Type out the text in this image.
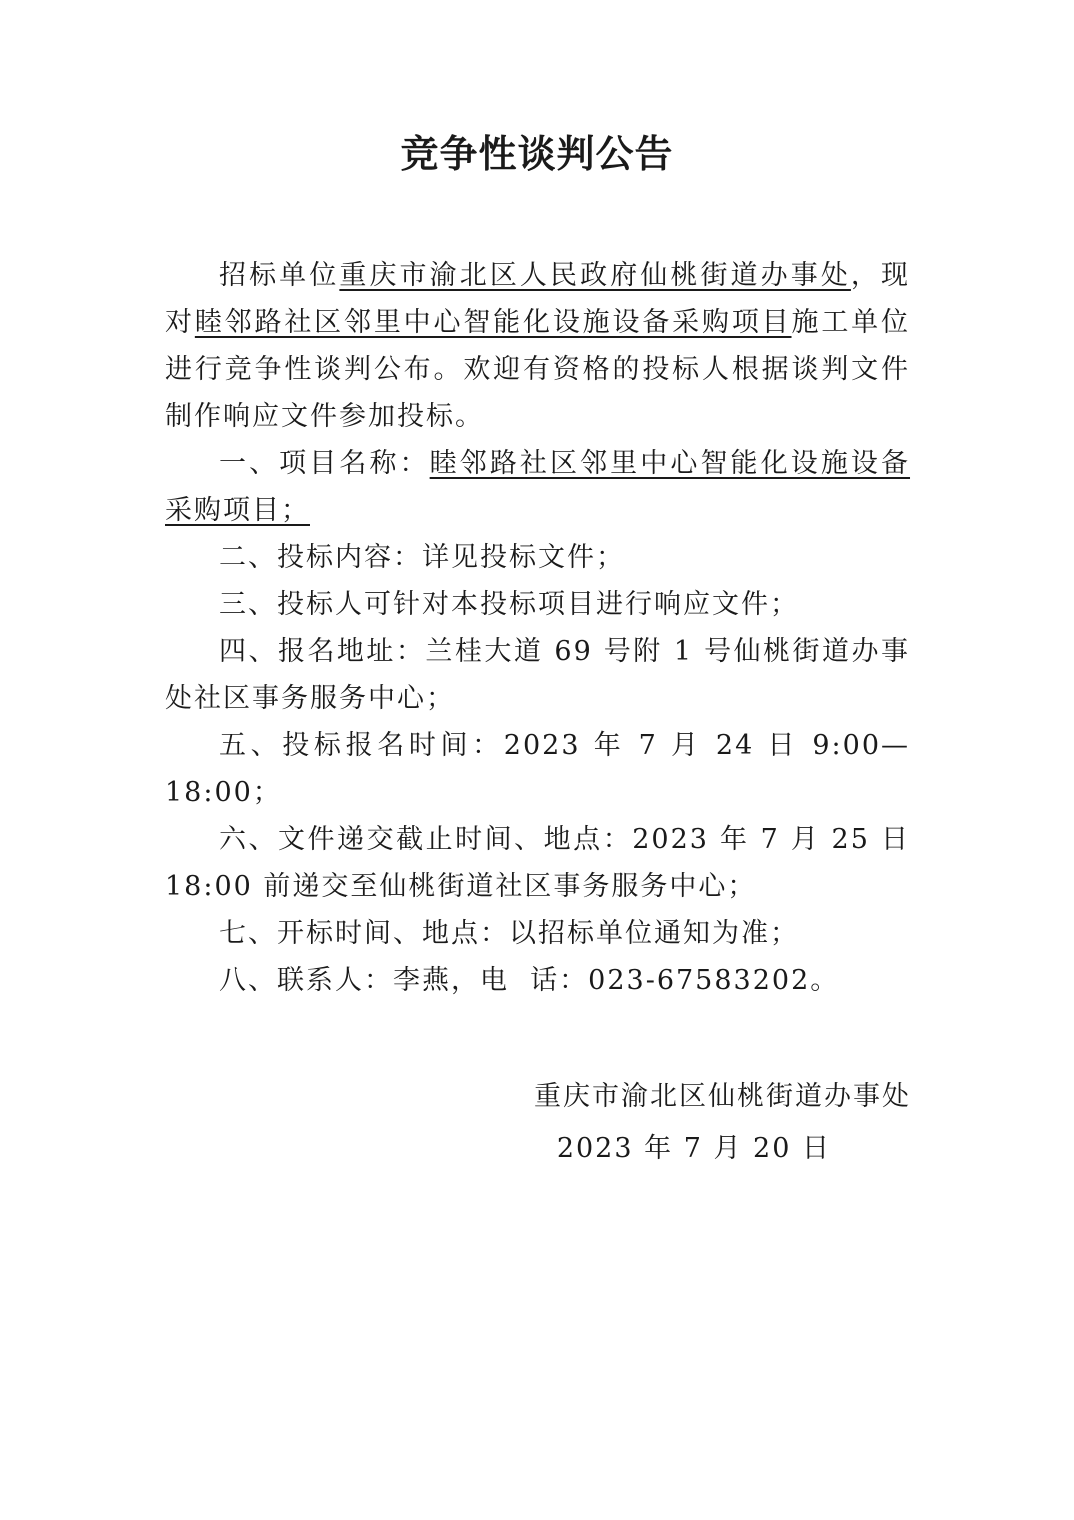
竞争性谈判公告

招标单位重庆市渝北区人民政府仙桃街道办事处，现对睦邻路社区邻里中心智能化设施设备采购项目施工单位进行竞争性谈判公布。欢迎有资格的投标人根据谈判文件制作响应文件参加投标。

一、项目名称：睦邻路社区邻里中心智能化设施设备采购项目；

二、投标内容：详见投标文件；

三、投标人可针对本投标项目进行响应文件；

四、报名地址：兰桂大道 69 号附 1 号仙桃街道办事处社区事务服务中心；

五、投标报名时间：2023 年 7 月 24 日 9:00—18:00；

六、文件递交截止时间、地点：2023 年 7 月 25 日 18:00 前递交至仙桃街道社区事务服务中心；

七、开标时间、地点：以招标单位通知为准；

八、联系人：李燕，电  话：023-67583202。

重庆市渝北区仙桃街道办事处
2023 年 7 月 20 日
